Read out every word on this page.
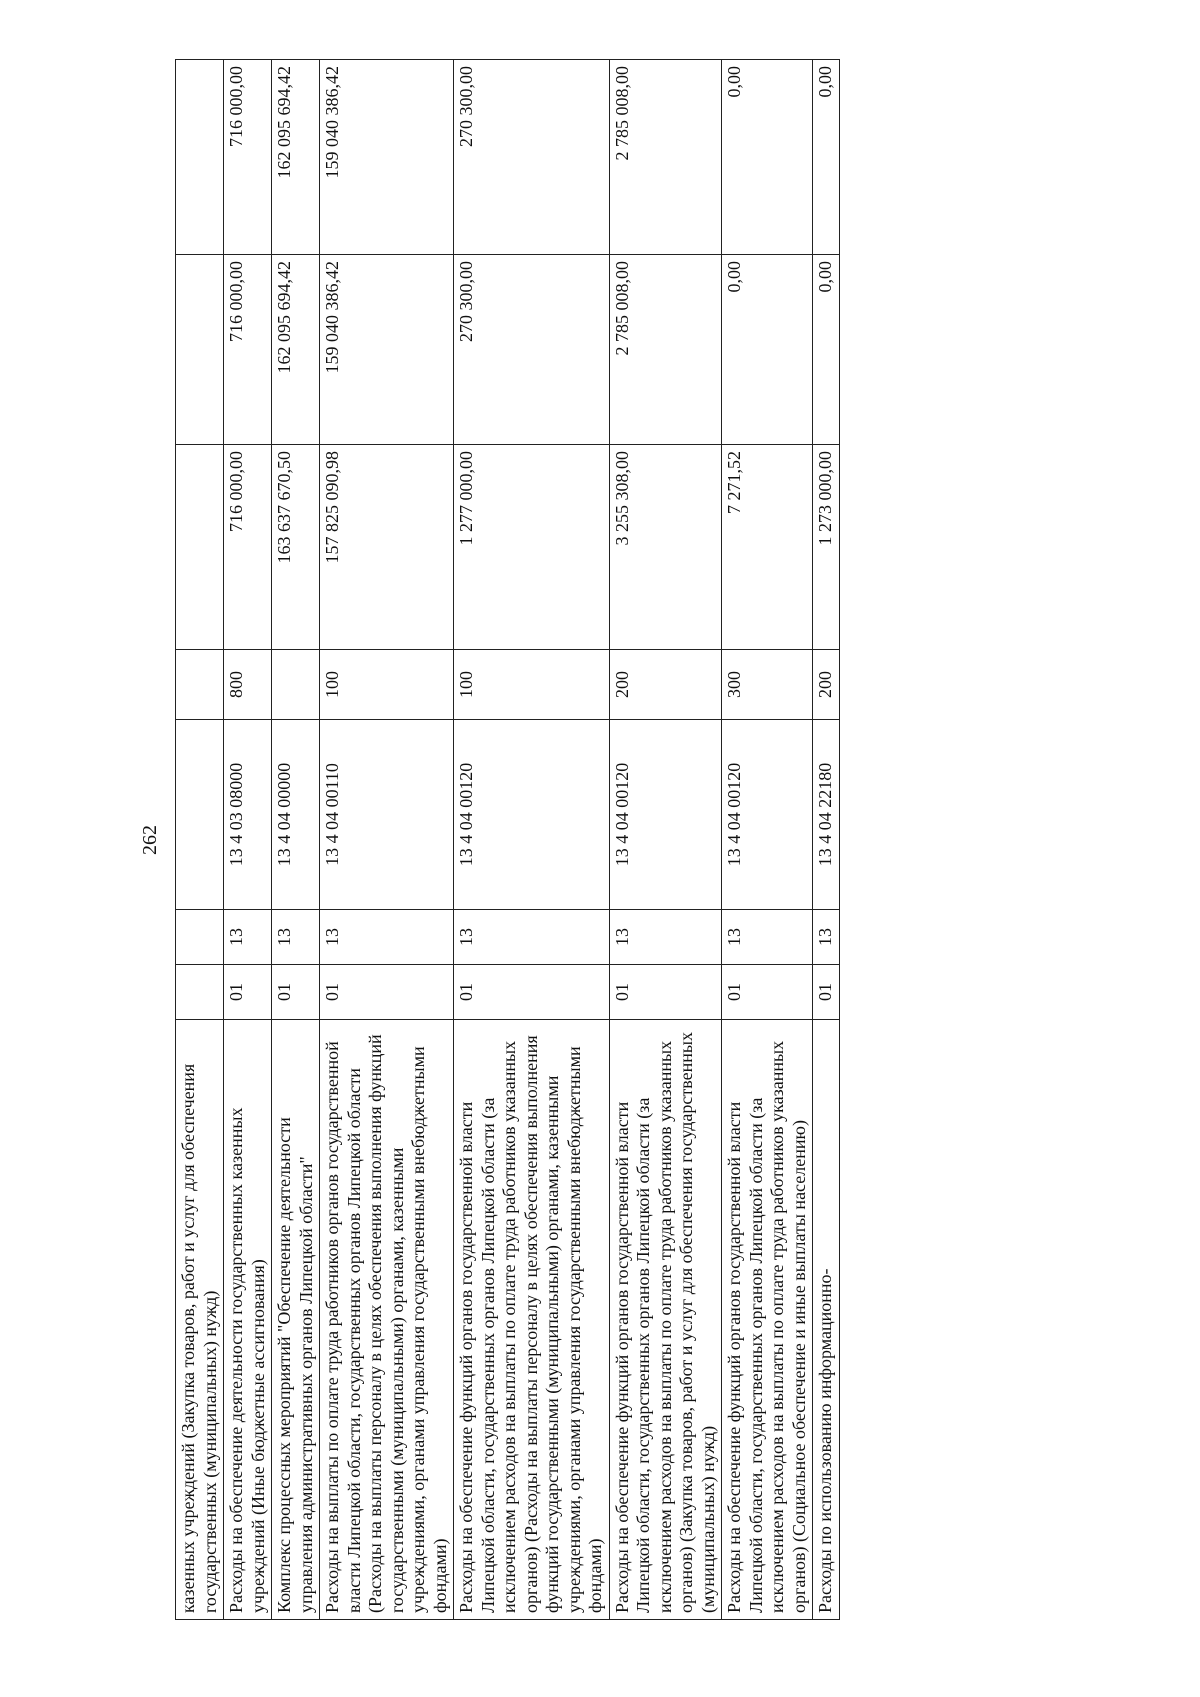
262
казенных учреждений (Закупка товаров, работ и услуг для обеспечения государственных (муниципальных) нужд)							
Расходы на обеспечение деятельности государственных казенных учреждений (Иные бюджетные ассигнования)	01	13	13 4 03 08000	800	716 000,00	716 000,00	716 000,00
Комплекс процессных мероприятий "Обеспечение деятельности управления административных органов Липецкой области"	01	13	13 4 04 00000		163 637 670,50	162 095 694,42	162 095 694,42
Расходы на выплаты по оплате труда работников органов государственной власти Липецкой области, государственных органов Липецкой области (Расходы на выплаты персоналу в целях обеспечения выполнения функций государственными (муниципальными) органами, казенными учреждениями, органами управления государственными внебюджетными фондами)	01	13	13 4 04 00110	100	157 825 090,98	159 040 386,42	159 040 386,42
Расходы на обеспечение функций органов государственной власти Липецкой области, государственных органов Липецкой области (за исключением расходов на выплаты по оплате труда работников указанных органов) (Расходы на выплаты персоналу в целях обеспечения выполнения функций государственными (муниципальными) органами, казенными учреждениями, органами управления государственными внебюджетными фондами)	01	13	13 4 04 00120	100	1 277 000,00	270 300,00	270 300,00
Расходы на обеспечение функций органов государственной власти Липецкой области, государственных органов Липецкой области (за исключением расходов на выплаты по оплате труда работников указанных органов) (Закупка товаров, работ и услуг для обеспечения государственных (муниципальных) нужд)	01	13	13 4 04 00120	200	3 255 308,00	2 785 008,00	2 785 008,00
Расходы на обеспечение функций органов государственной власти Липецкой области, государственных органов Липецкой области (за исключением расходов на выплаты по оплате труда работников указанных органов) (Социальное обеспечение и иные выплаты населению)	01	13	13 4 04 00120	300	7 271,52	0,00	0,00
Расходы по использованию информационно-	01	13	13 4 04 22180	200	1 273 000,00	0,00	0,00
